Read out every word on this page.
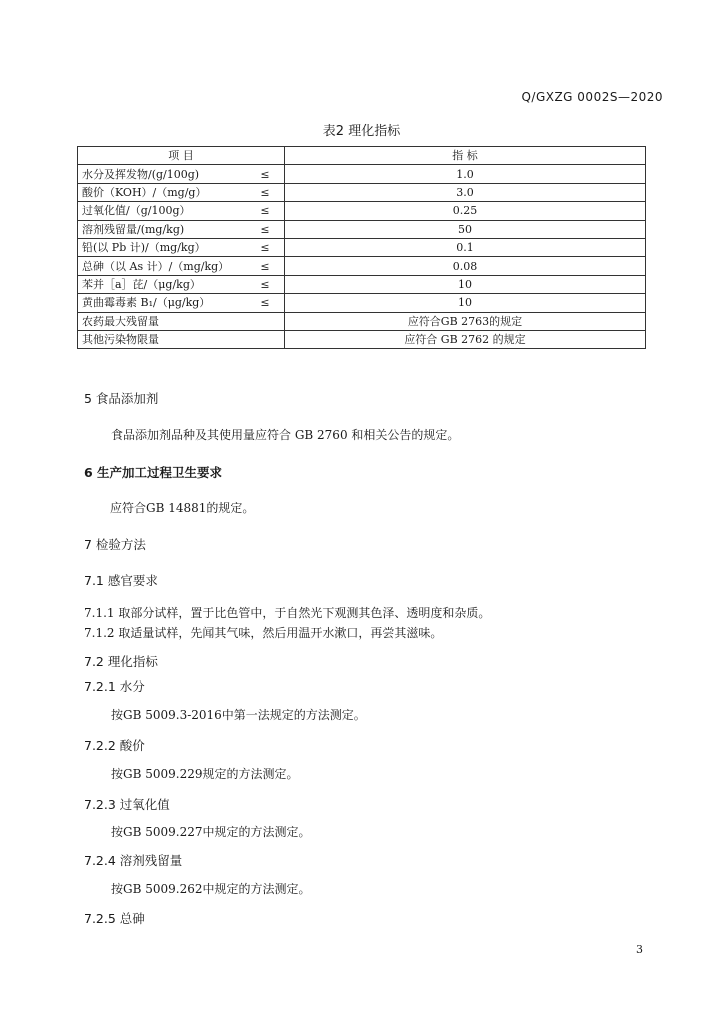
Q/GXZG 0002S—2020
表2 理化指标
项 目		指 标
水分及挥发物/(g/100g)	≤	1.0
酸价（KOH）/（mg/g）	≤	3.0
过氧化值/（g/100g）	≤	0.25
溶剂残留量/(mg/kg)	≤	50
铅(以 Pb 计)/（mg/kg）	≤	0.1
总砷（以 As 计）/（mg/kg）	≤	0.08
苯并［a］芘/（μg/kg）	≤	10
黄曲霉毒素 B₁/（μg/kg）	≤	10
农药最大残留量		应符合GB 2763的规定
其他污染物限量		应符合 GB 2762 的规定
5 食品添加剂
食品添加剂品种及其使用量应符合 GB 2760 和相关公告的规定。
6 生产加工过程卫生要求
应符合GB 14881的规定。
7 检验方法
7.1 感官要求
7.1.1 取部分试样，置于比色管中，于自然光下观测其色泽、透明度和杂质。
7.1.2 取适量试样，先闻其气味，然后用温开水漱口，再尝其滋味。
7.2 理化指标
7.2.1 水分
按GB 5009.3-2016中第一法规定的方法测定。
7.2.2 酸价
按GB 5009.229规定的方法测定。
7.2.3 过氧化值
按GB 5009.227中规定的方法测定。
7.2.4 溶剂残留量
按GB 5009.262中规定的方法测定。
7.2.5 总砷
3
